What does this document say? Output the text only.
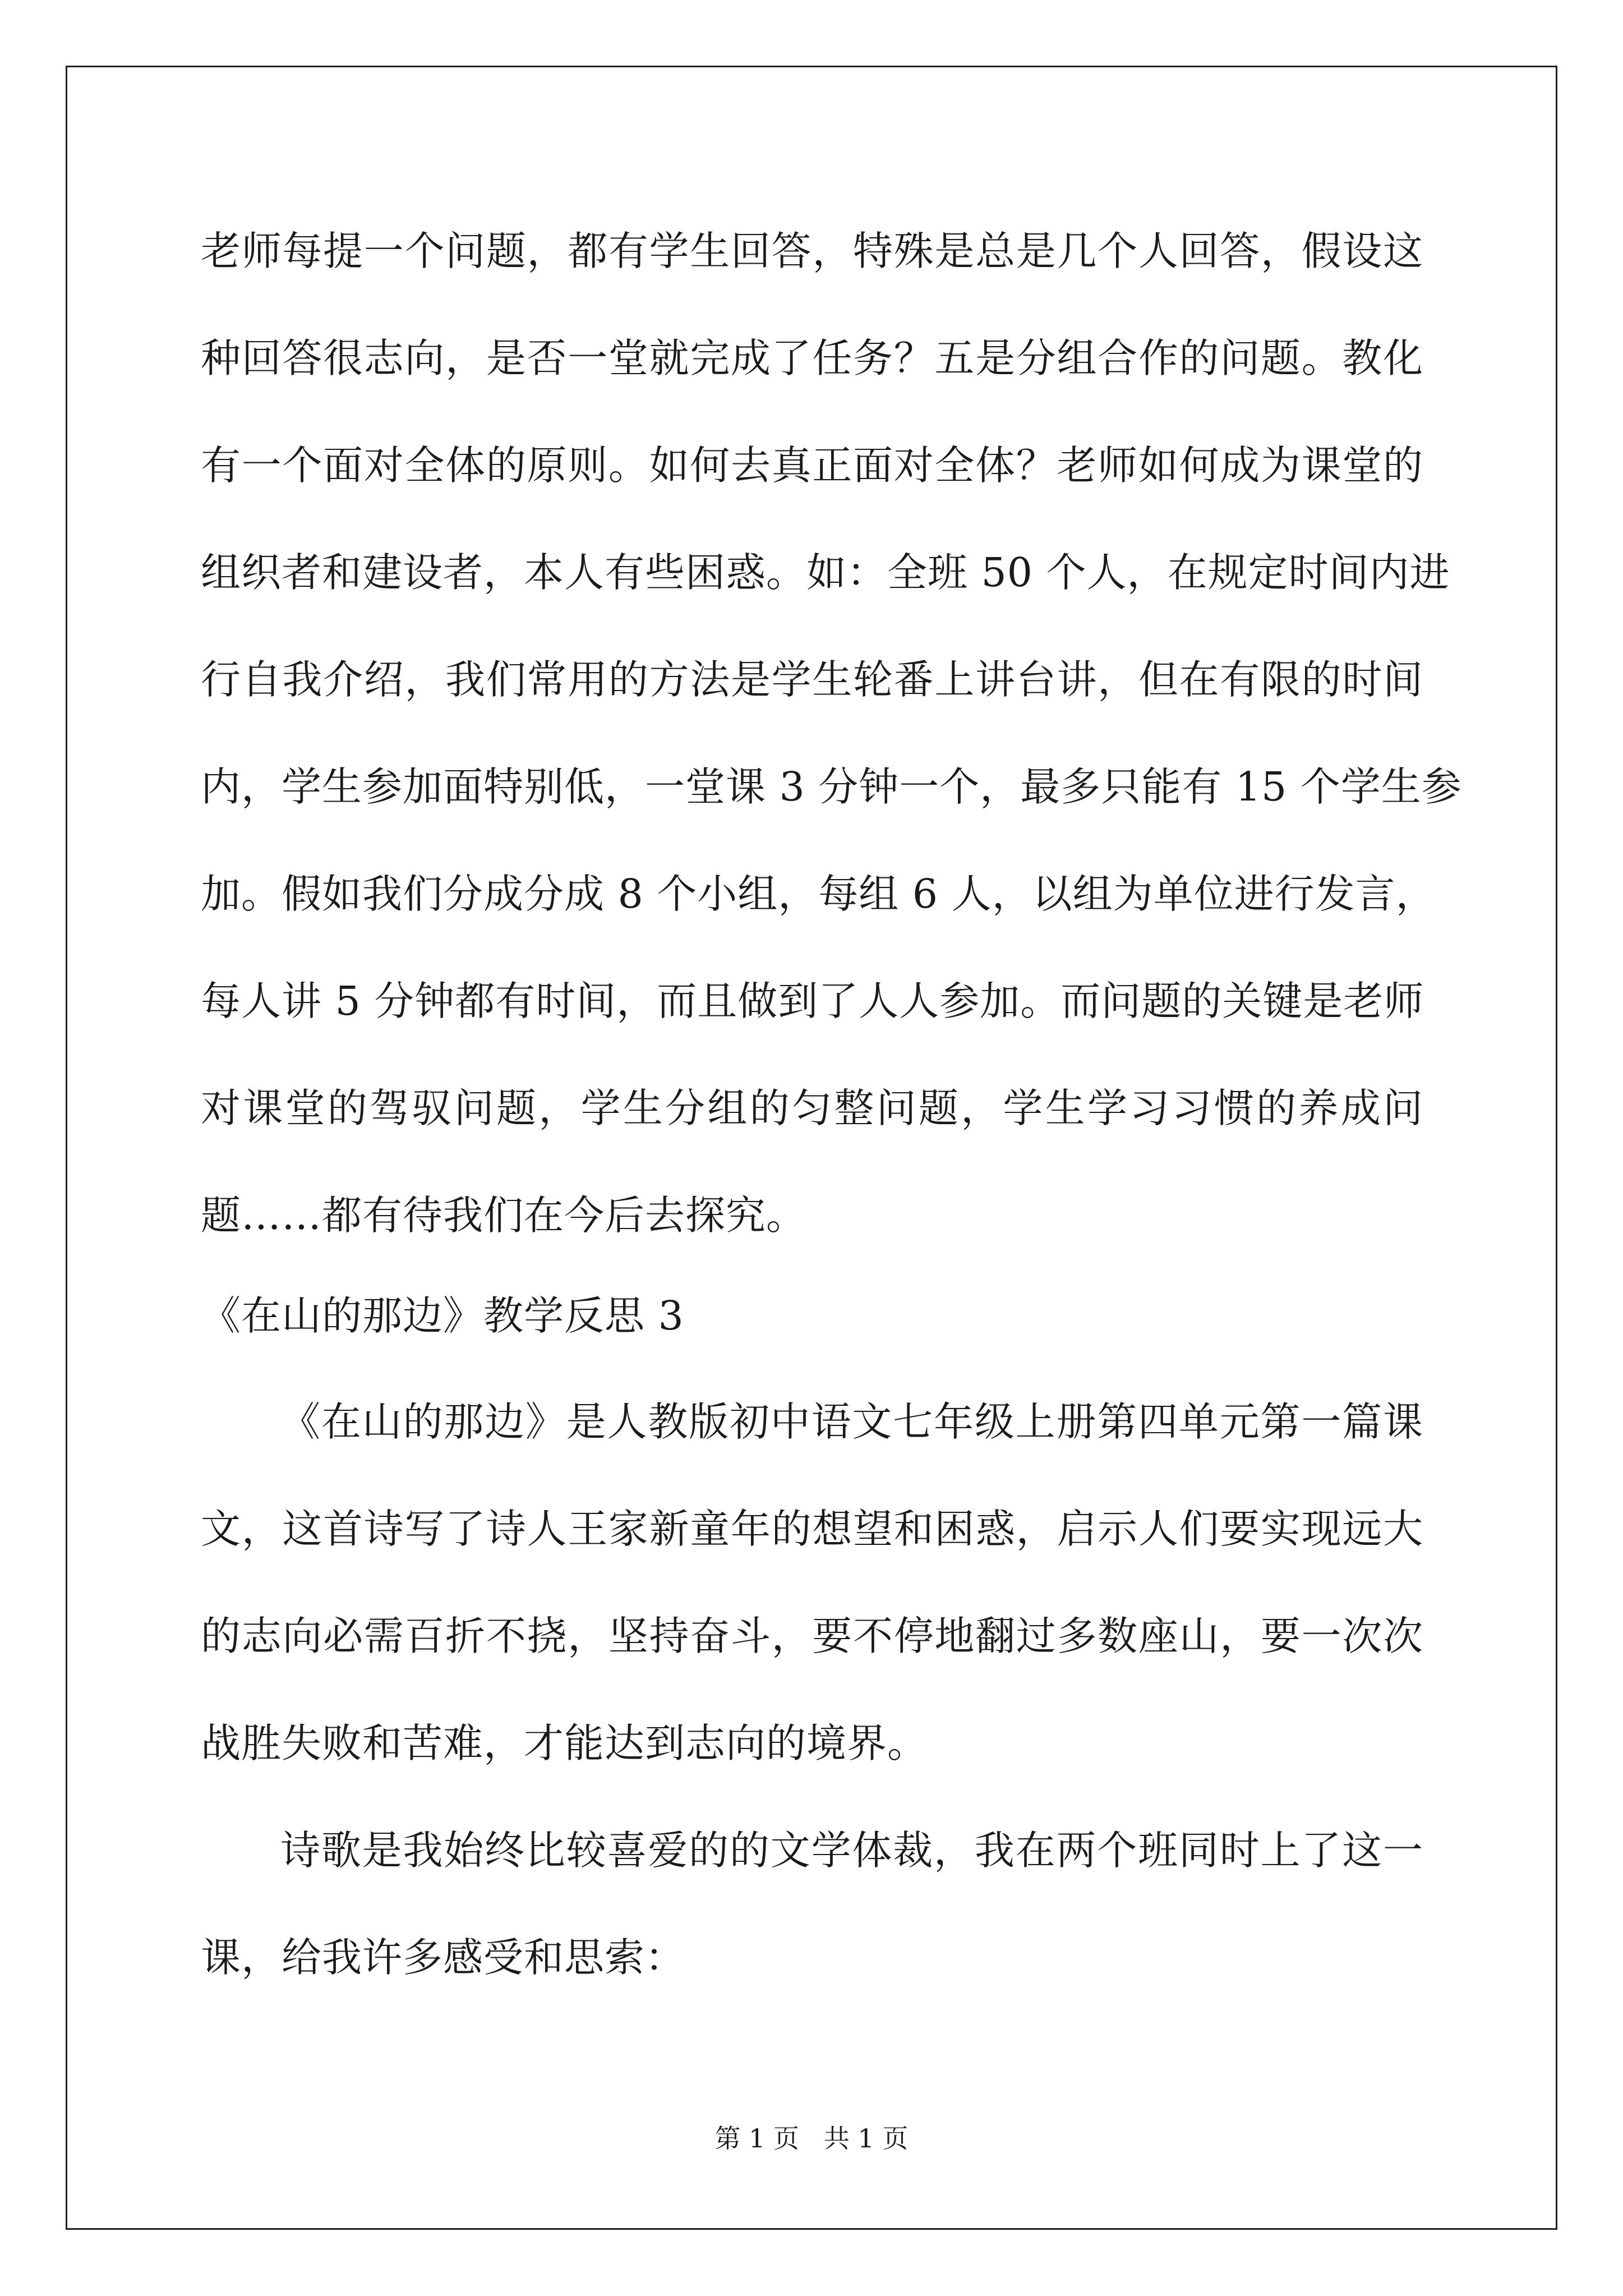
老师每提一个问题，都有学生回答，特殊是总是几个人回答，假设这
种回答很志向，是否一堂就完成了任务？五是分组合作的问题。教化
有一个面对全体的原则。如何去真正面对全体？老师如何成为课堂的
组织者和建设者，本人有些困惑。如：全班 50 个人，在规定时间内进
行自我介绍，我们常用的方法是学生轮番上讲台讲，但在有限的时间
内，学生参加面特别低，一堂课 3 分钟一个，最多只能有 15 个学生参
加。假如我们分成分成 8 个小组，每组 6 人，以组为单位进行发言，
每人讲 5 分钟都有时间，而且做到了人人参加。而问题的关键是老师
对课堂的驾驭问题，学生分组的匀整问题，学生学习习惯的养成问
题……都有待我们在今后去探究。
《在山的那边》教学反思 3
《在山的那边》是人教版初中语文七年级上册第四单元第一篇课
文，这首诗写了诗人王家新童年的想望和困惑，启示人们要实现远大
的志向必需百折不挠，坚持奋斗，要不停地翻过多数座山，要一次次
战胜失败和苦难，才能达到志向的境界。
诗歌是我始终比较喜爱的的文学体裁，我在两个班同时上了这一
课，给我许多感受和思索：
第 1 页   共 1 页
